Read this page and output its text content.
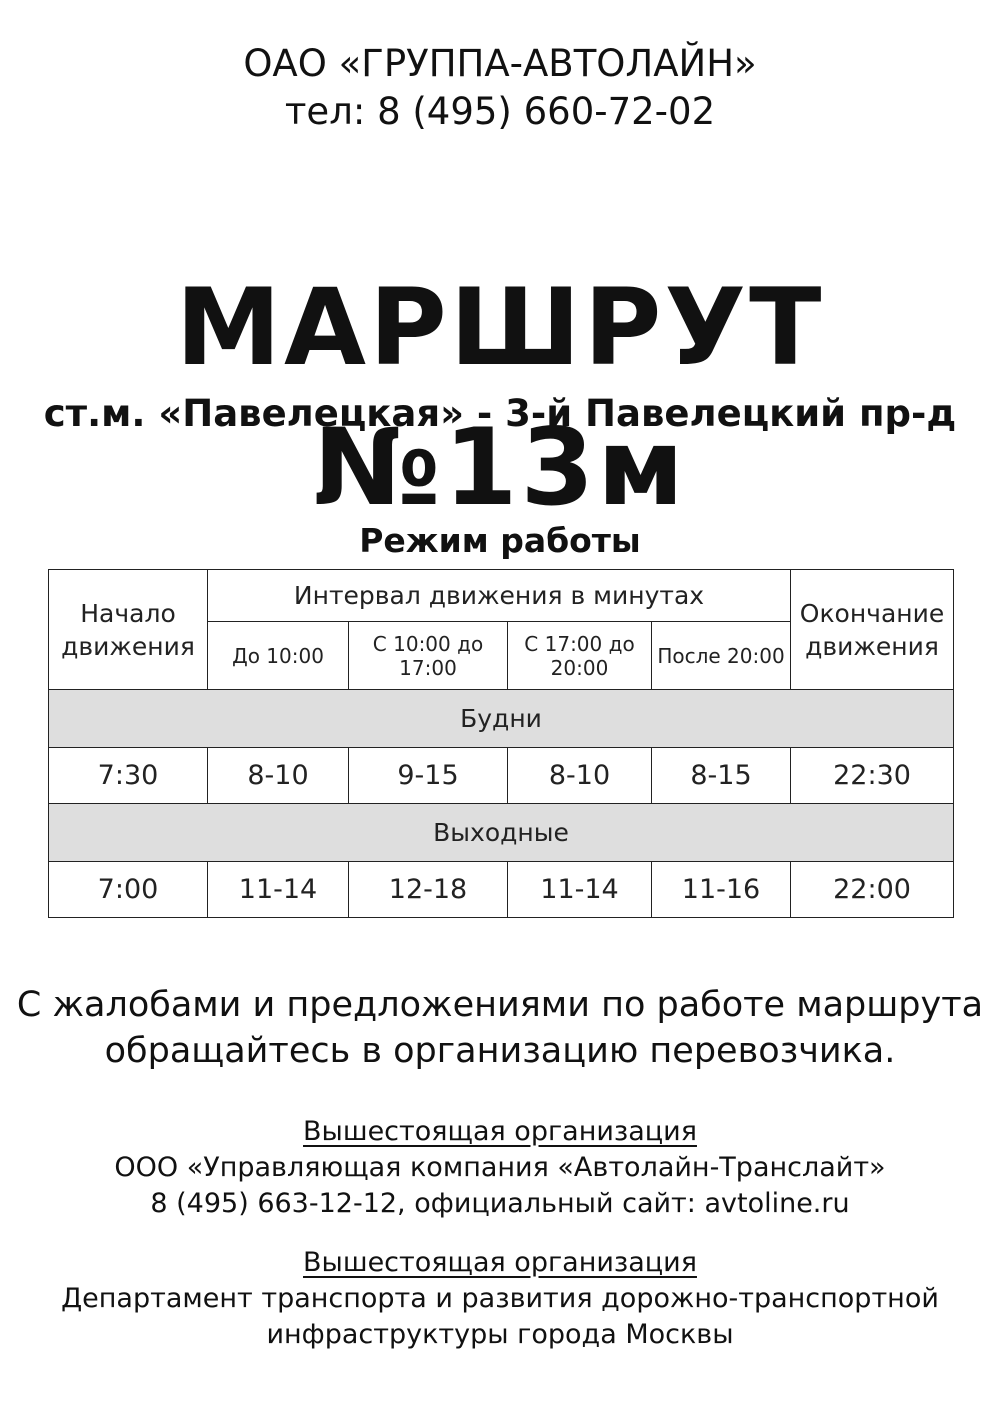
ОАО «ГРУППА-АВТОЛАЙН»
тел: 8 (495) 660-72-02
МАРШРУТ №13м
ст.м. «Павелецкая» - 3-й Павелецкий пр-д
Режим работы
Начало движения	Интервал движения в минутах				Окончание движения
	До 10:00	С 10:00 до 17:00	С 17:00 до 20:00	После 20:00	
Будни					
7:30	8-10	9-15	8-10	8-15	22:30
Выходные					
7:00	11-14	12-18	11-14	11-16	22:00
С жалобами и предложениями по работе маршрута
обращайтесь в организацию перевозчика.
Вышестоящая организация
ООО «Управляющая компания «Автолайн-Транслайт»
8 (495) 663-12-12, официальный сайт: avtoline.ru
Вышестоящая организация
Департамент транспорта и развития дорожно-транспортной
инфраструктуры города Москвы
